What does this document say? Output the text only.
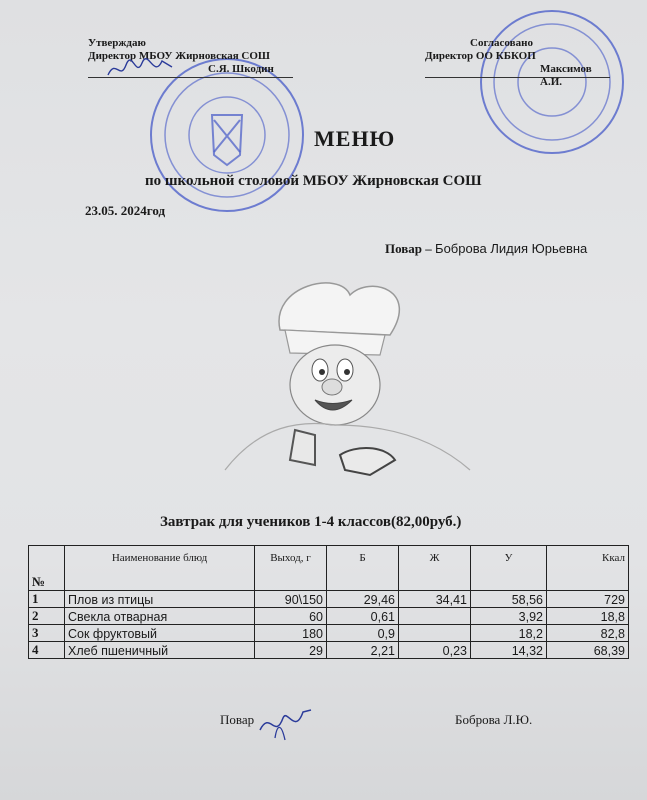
Утверждаю
Директор МБОУ Жирновская СОШ
С.Я. Шкодин
Согласовано
Директор ОО КБКОП
Максимов А.И.
МЕНЮ
по школьной столовой МБОУ Жирновская СОШ
23.05. 2024год
Повар – Боброва Лидия Юрьевна
Завтрак для учеников 1-4 классов(82,00руб.)
№	Наименование блюд	Выход, г	Б	Ж	У	Ккал
1	Плов из птицы	90\150	29,46	34,41	58,56	729
2	Свекла отварная	60	0,61		3,92	18,8
3	Сок фруктовый	180	0,9		18,2	82,8
4	Хлеб пшеничный	29	2,21	0,23	14,32	68,39
Повар	Боброва Л.Ю.
